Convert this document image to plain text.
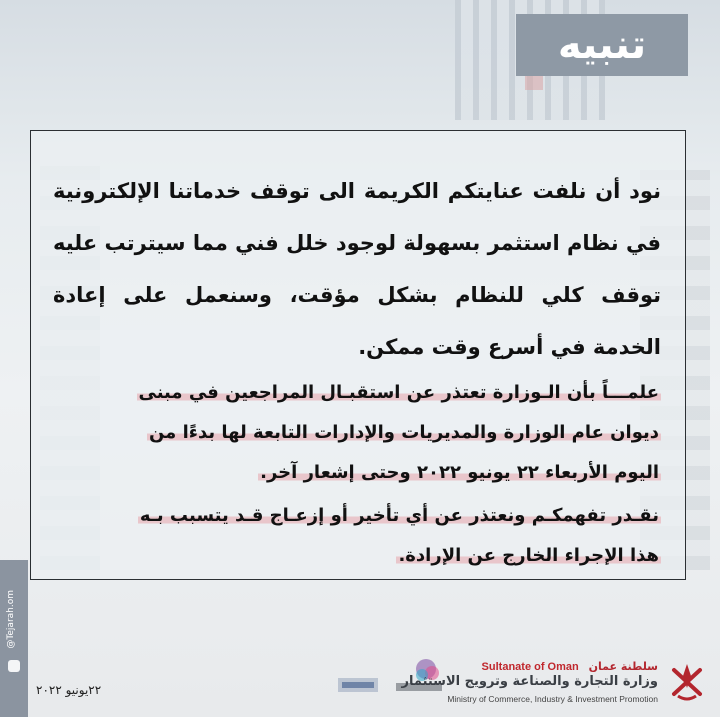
@Tejarah.om
تنبيه

نود أن نلفت عنايتكم الكريمة الى توقف خدماتنا الإلكترونية في نظام استثمر بسهولة لوجود خلل فني مما سيترتب عليه توقف كلي للنظام بشكل مؤقت، وسنعمل على إعادة الخدمة في أسرع وقت ممكن.

علمـــاً بأن الـوزارة تعتذر عن استقبـال المراجعين في مبنى
ديوان عام الوزارة والمديريات والإدارات التابعة لها بدءًا من
اليوم الأربعاء ٢٢ يونيو ٢٠٢٢ وحتى إشعار آخر.

نقـدر تفهمكـم ونعتذر عن أي تأخير أو إزعـاج قـد يتسبب بـه
هذا الإجراء الخارج عن الإرادة.

٢٢يونيو ٢٠٢٢
Sultanate of Oman سلطنة عمان
وزارة التجارة والصناعة وترويج الاستثمار
Ministry of Commerce, Industry & Investment Promotion
